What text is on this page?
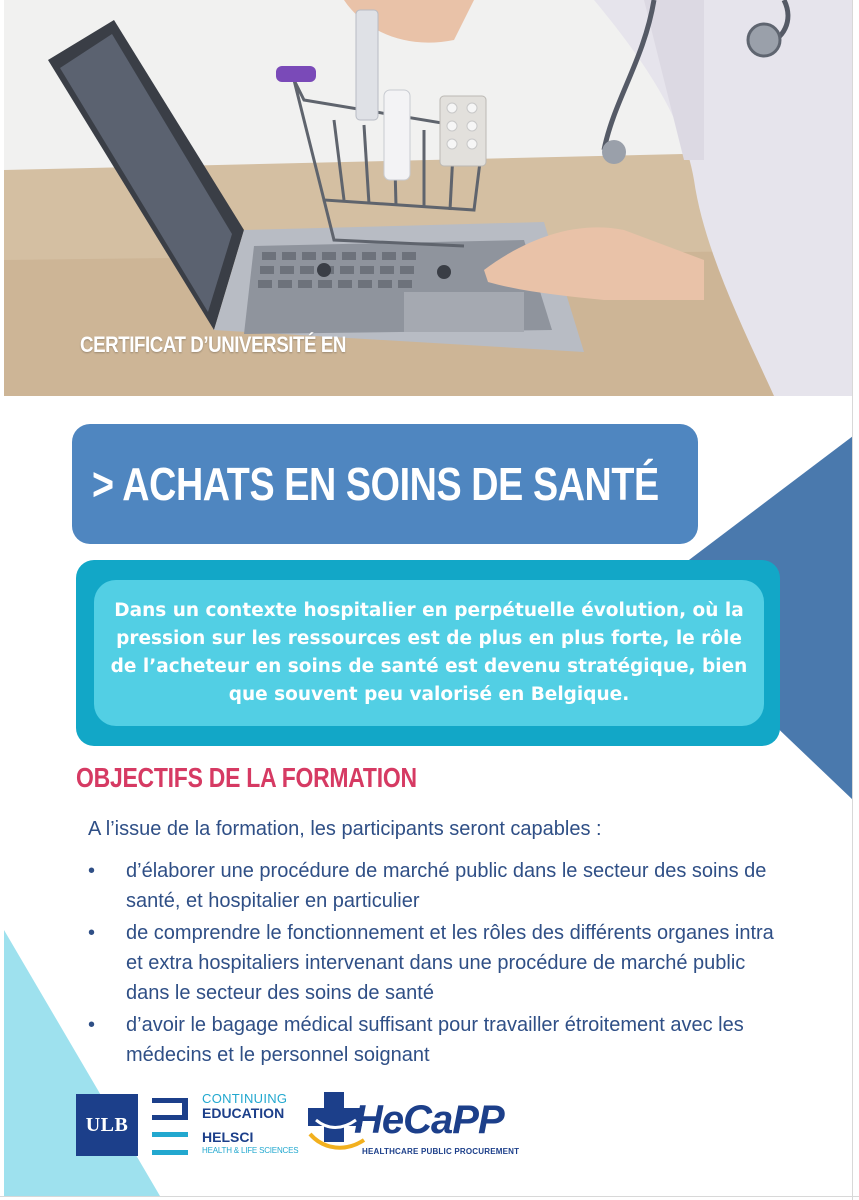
CERTIFICAT D’UNIVERSITÉ EN
> ACHATS EN SOINS DE SANTÉ

Dans un contexte hospitalier en perpétuelle évolution, où la pression sur les ressources est de plus en plus forte, le rôle de l’acheteur en soins de santé est devenu stratégique, bien que souvent peu valorisé en Belgique.

OBJECTIFS DE LA FORMATION
A l’issue de la formation, les participants seront capables :
• d’élaborer une procédure de marché public dans le secteur des soins de santé, et hospitalier en particulier
• de comprendre le fonctionnement et les rôles des différents organes intra et extra hospitaliers intervenant dans une procédure de marché public dans le secteur des soins de santé
• d’avoir le bagage médical suffisant pour travailler étroitement avec les médecins et le personnel soignant
ULB
CONTINUING
EDUCATION
HELSCI
HEALTH & LIFE SCIENCES
HeCaPP
HEALTHCARE PUBLIC PROCUREMENT
